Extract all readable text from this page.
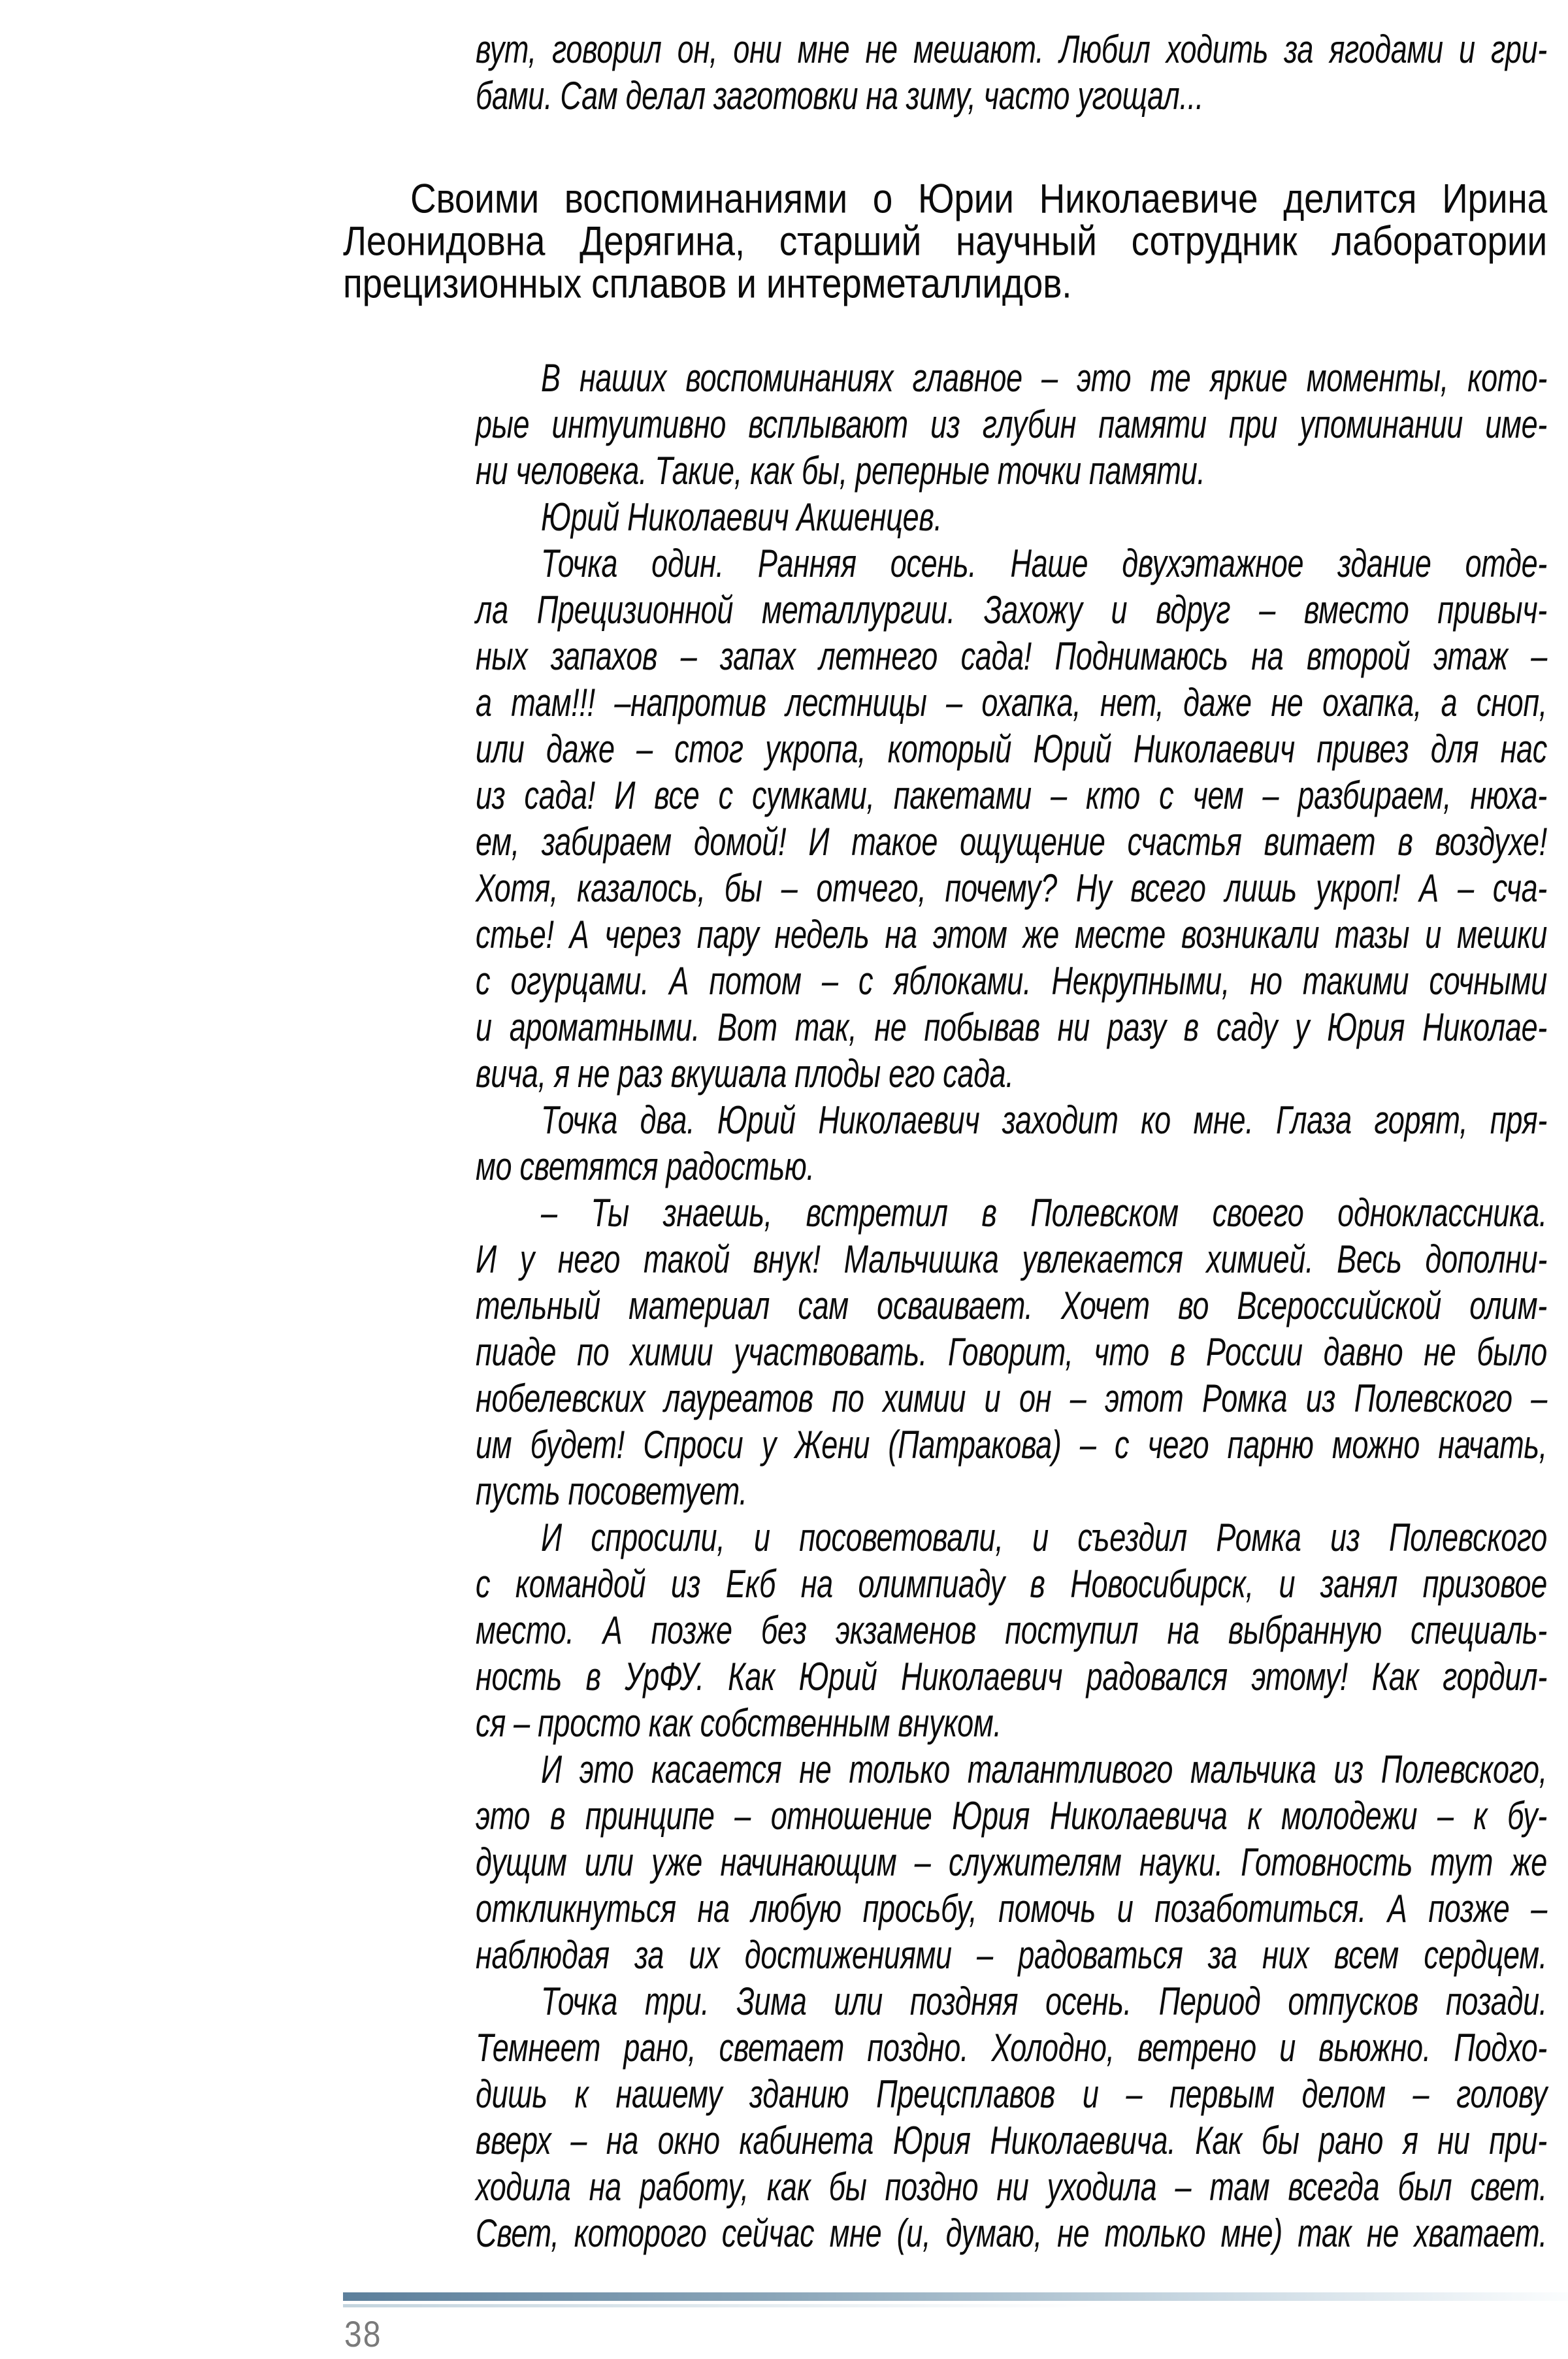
вут, говорил он, они мне не мешают. Любил ходить за ягодами и гри-
бами. Сам делал заготовки на зиму, часто угощал...
Своими воспоминаниями о Юрии Николаевиче делится Ирина
Леонидовна Дерягина, старший научный сотрудник лаборатории
прецизионных сплавов и интерметаллидов.
В наших воспоминаниях главное – это те яркие моменты, кото-
рые интуитивно всплывают из глубин памяти при упоминании име-
ни человека. Такие, как бы, реперные точки памяти.
Юрий Николаевич Акшенцев.
Точка один. Ранняя осень. Наше двухэтажное здание отде-
ла Прецизионной металлургии. Захожу и вдруг – вместо привыч-
ных запахов – запах летнего сада! Поднимаюсь на второй этаж –
а там!!! –напротив лестницы – охапка, нет, даже не охапка, а сноп,
или даже – стог укропа, который Юрий Николаевич привез для нас
из сада! И все с сумками, пакетами – кто с чем – разбираем, нюха-
ем, забираем домой! И такое ощущение счастья витает в воздухе!
Хотя, казалось, бы – отчего, почему? Ну всего лишь укроп! А – сча-
стье! А через пару недель на этом же месте возникали тазы и мешки
с огурцами. А потом – с яблоками. Некрупными, но такими сочными
и ароматными. Вот так, не побывав ни разу в саду у Юрия Николае-
вича, я не раз вкушала плоды его сада.
Точка два. Юрий Николаевич заходит ко мне. Глаза горят, пря-
мо светятся радостью.
– Ты знаешь, встретил в Полевском своего одноклассника.
И у него такой внук! Мальчишка увлекается химией. Весь дополни-
тельный материал сам осваивает. Хочет во Всероссийской олим-
пиаде по химии участвовать. Говорит, что в России давно не было
нобелевских лауреатов по химии и он – этот Ромка из Полевского –
им будет! Спроси у Жени (Патракова) – с чего парню можно начать,
пусть посоветует.
И спросили, и посоветовали, и съездил Ромка из Полевского
с командой из Екб на олимпиаду в Новосибирск, и занял призовое
место. А позже без экзаменов поступил на выбранную специаль-
ность в УрФУ. Как Юрий Николаевич радовался этому! Как гордил-
ся – просто как собственным внуком.
И это касается не только талантливого мальчика из Полевского,
это в принципе – отношение Юрия Николаевича к молодежи – к бу-
дущим или уже начинающим – служителям науки. Готовность тут же
откликнуться на любую просьбу, помочь и позаботиться. А позже –
наблюдая за их достижениями – радоваться за них всем сердцем.
Точка три. Зима или поздняя осень. Период отпусков позади.
Темнеет рано, светает поздно. Холодно, ветрено и вьюжно. Подхо-
дишь к нашему зданию Прецсплавов и – первым делом – голову
вверх – на окно кабинета Юрия Николаевича. Как бы рано я ни при-
ходила на работу, как бы поздно ни уходила – там всегда был свет.
Свет, которого сейчас мне (и, думаю, не только мне) так не хватает.
38
